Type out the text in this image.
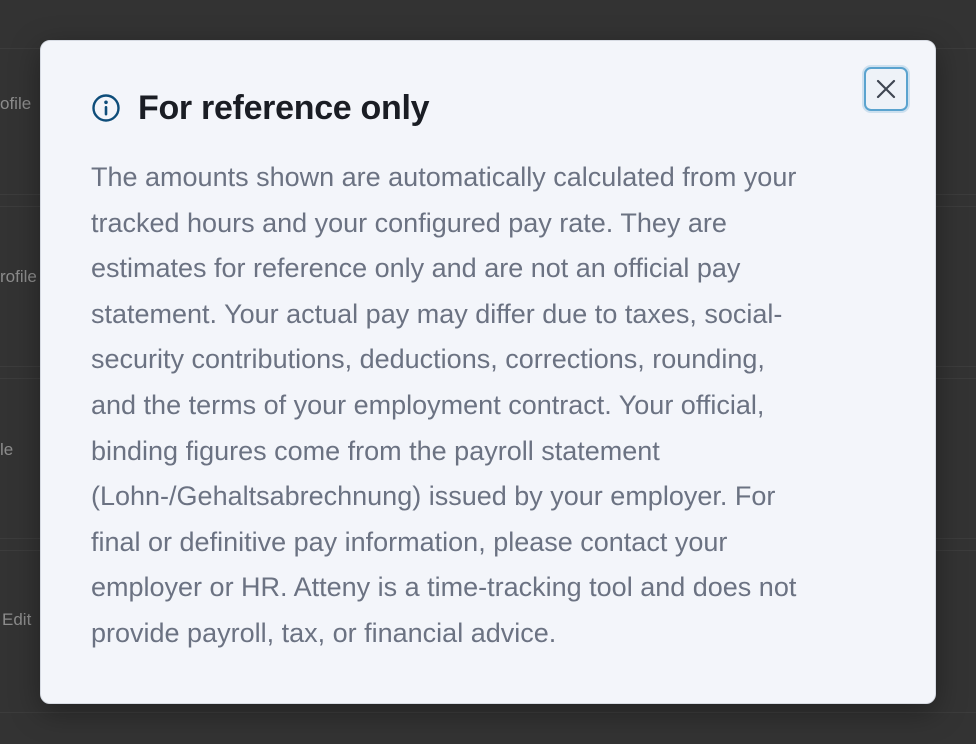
ofile
rofile
le
Edit
For reference only
The amounts shown are automatically calculated from your
tracked hours and your configured pay rate. They are
estimates for reference only and are not an official pay
statement. Your actual pay may differ due to taxes, social-
security contributions, deductions, corrections, rounding,
and the terms of your employment contract. Your official,
binding figures come from the payroll statement
(Lohn-/Gehaltsabrechnung) issued by your employer. For
final or definitive pay information, please contact your
employer or HR. Atteny is a time-tracking tool and does not
provide payroll, tax, or financial advice.
